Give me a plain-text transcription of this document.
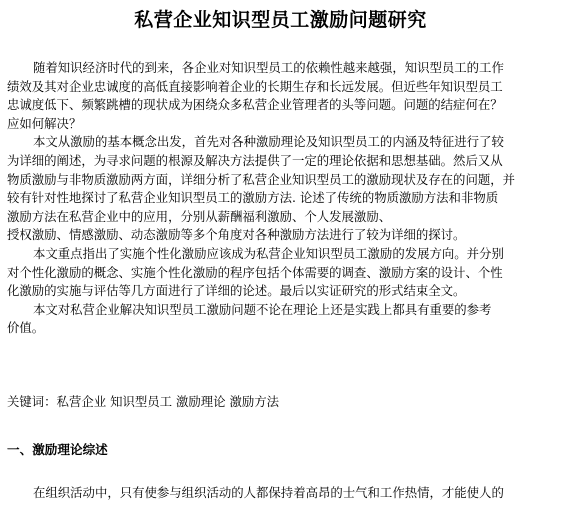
私营企业知识型员工激励问题研究
随着知识经济时代的到来，各企业对知识型员工的依赖性越来越强，知识型员工的工作
绩效及其对企业忠诚度的高低直接影响着企业的长期生存和长远发展。但近些年知识型员工
忠诚度低下、频繁跳槽的现状成为困绕众多私营企业管理者的头等问题。问题的结症何在？
应如何解决？
本文从激励的基本概念出发，首先对各种激励理论及知识型员工的内涵及特征进行了较
为详细的阐述，为寻求问题的根源及解决方法提供了一定的理论依据和思想基础。然后又从
物质激励与非物质激励两方面，详细分析了私营企业知识型员工的激励现状及存在的问题，并
较有针对性地探讨了私营企业知识型员工的激励方法. 论述了传统的物质激励方法和非物质
激励方法在私营企业中的应用，分别从薪酬福利激励、个人发展激励、
授权激励、情感激励、动态激励等多个角度对各种激励方法进行了较为详细的探讨。
本文重点指出了实施个性化激励应该成为私营企业知识型员工激励的发展方向。并分别
对个性化激励的概念、实施个性化激励的程序包括个体需要的调查、激励方案的设计、个性
化激励的实施与评估等几方面进行了详细的论述。最后以实证研究的形式结束全文。
本文对私营企业解决知识型员工激励问题不论在理论上还是实践上都具有重要的参考
价值。
关键词：私营企业 知识型员工 激励理论 激励方法
一、激励理论综述
在组织活动中，只有使参与组织活动的人都保持着高昂的士气和工作热情，才能使人的
